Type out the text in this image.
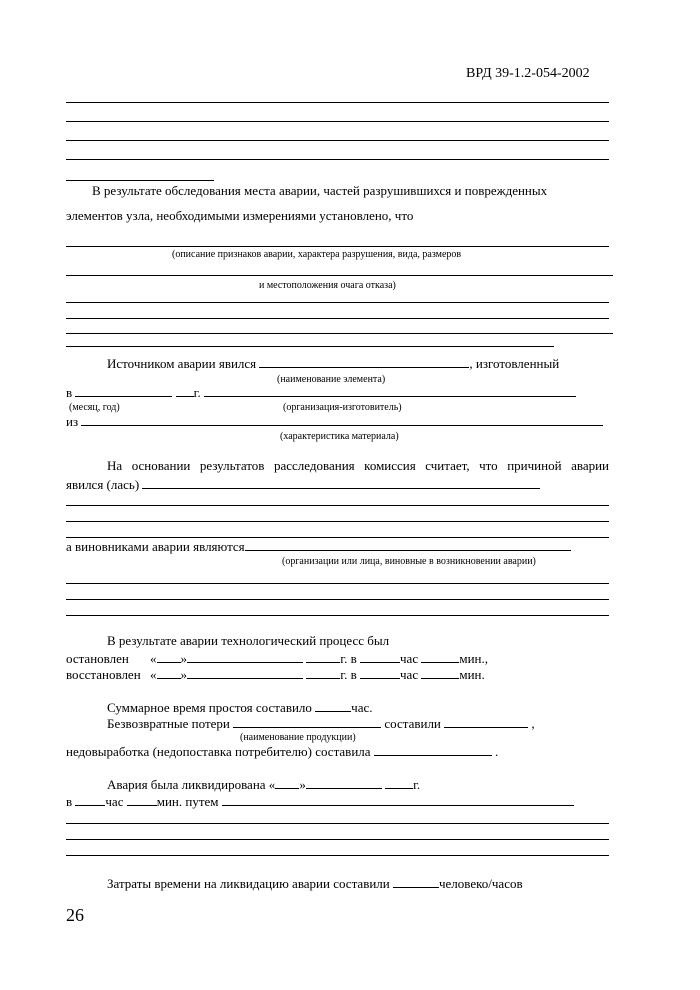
ВРД 39-1.2-054-2002
В результате обследования места аварии, частей разрушившихся и поврежденных
элементов узла, необходимыми измерениями установлено, что
(описание признаков аварии, характера разрушения, вида, размеров
и местоположения очага отказа)
Источником аварии явился	, изготовленный
(наименование элемента)
в	г.
(месяц, год)	(организация-изготовитель)
из
(характеристика материала)
На основании результатов расследования комиссия считает, что причиной аварии
явился (лась)
а виновниками аварии являются
(организации или лица, виновные в возникновении аварии)
В результате аварии технологический процесс был
остановлен « »	г. в	час	мин.,
восстановлен « »	г. в	час	мин.
Суммарное время простоя составило	час.
Безвозвратные потери	составили	,
(наименование продукции)
недовыработка (недопоставка потребителю) составила	.
Авария была ликвидирована « »	г.
в	час	мин. путем
Затраты времени на ликвидацию аварии составили	человеко/часов
26
